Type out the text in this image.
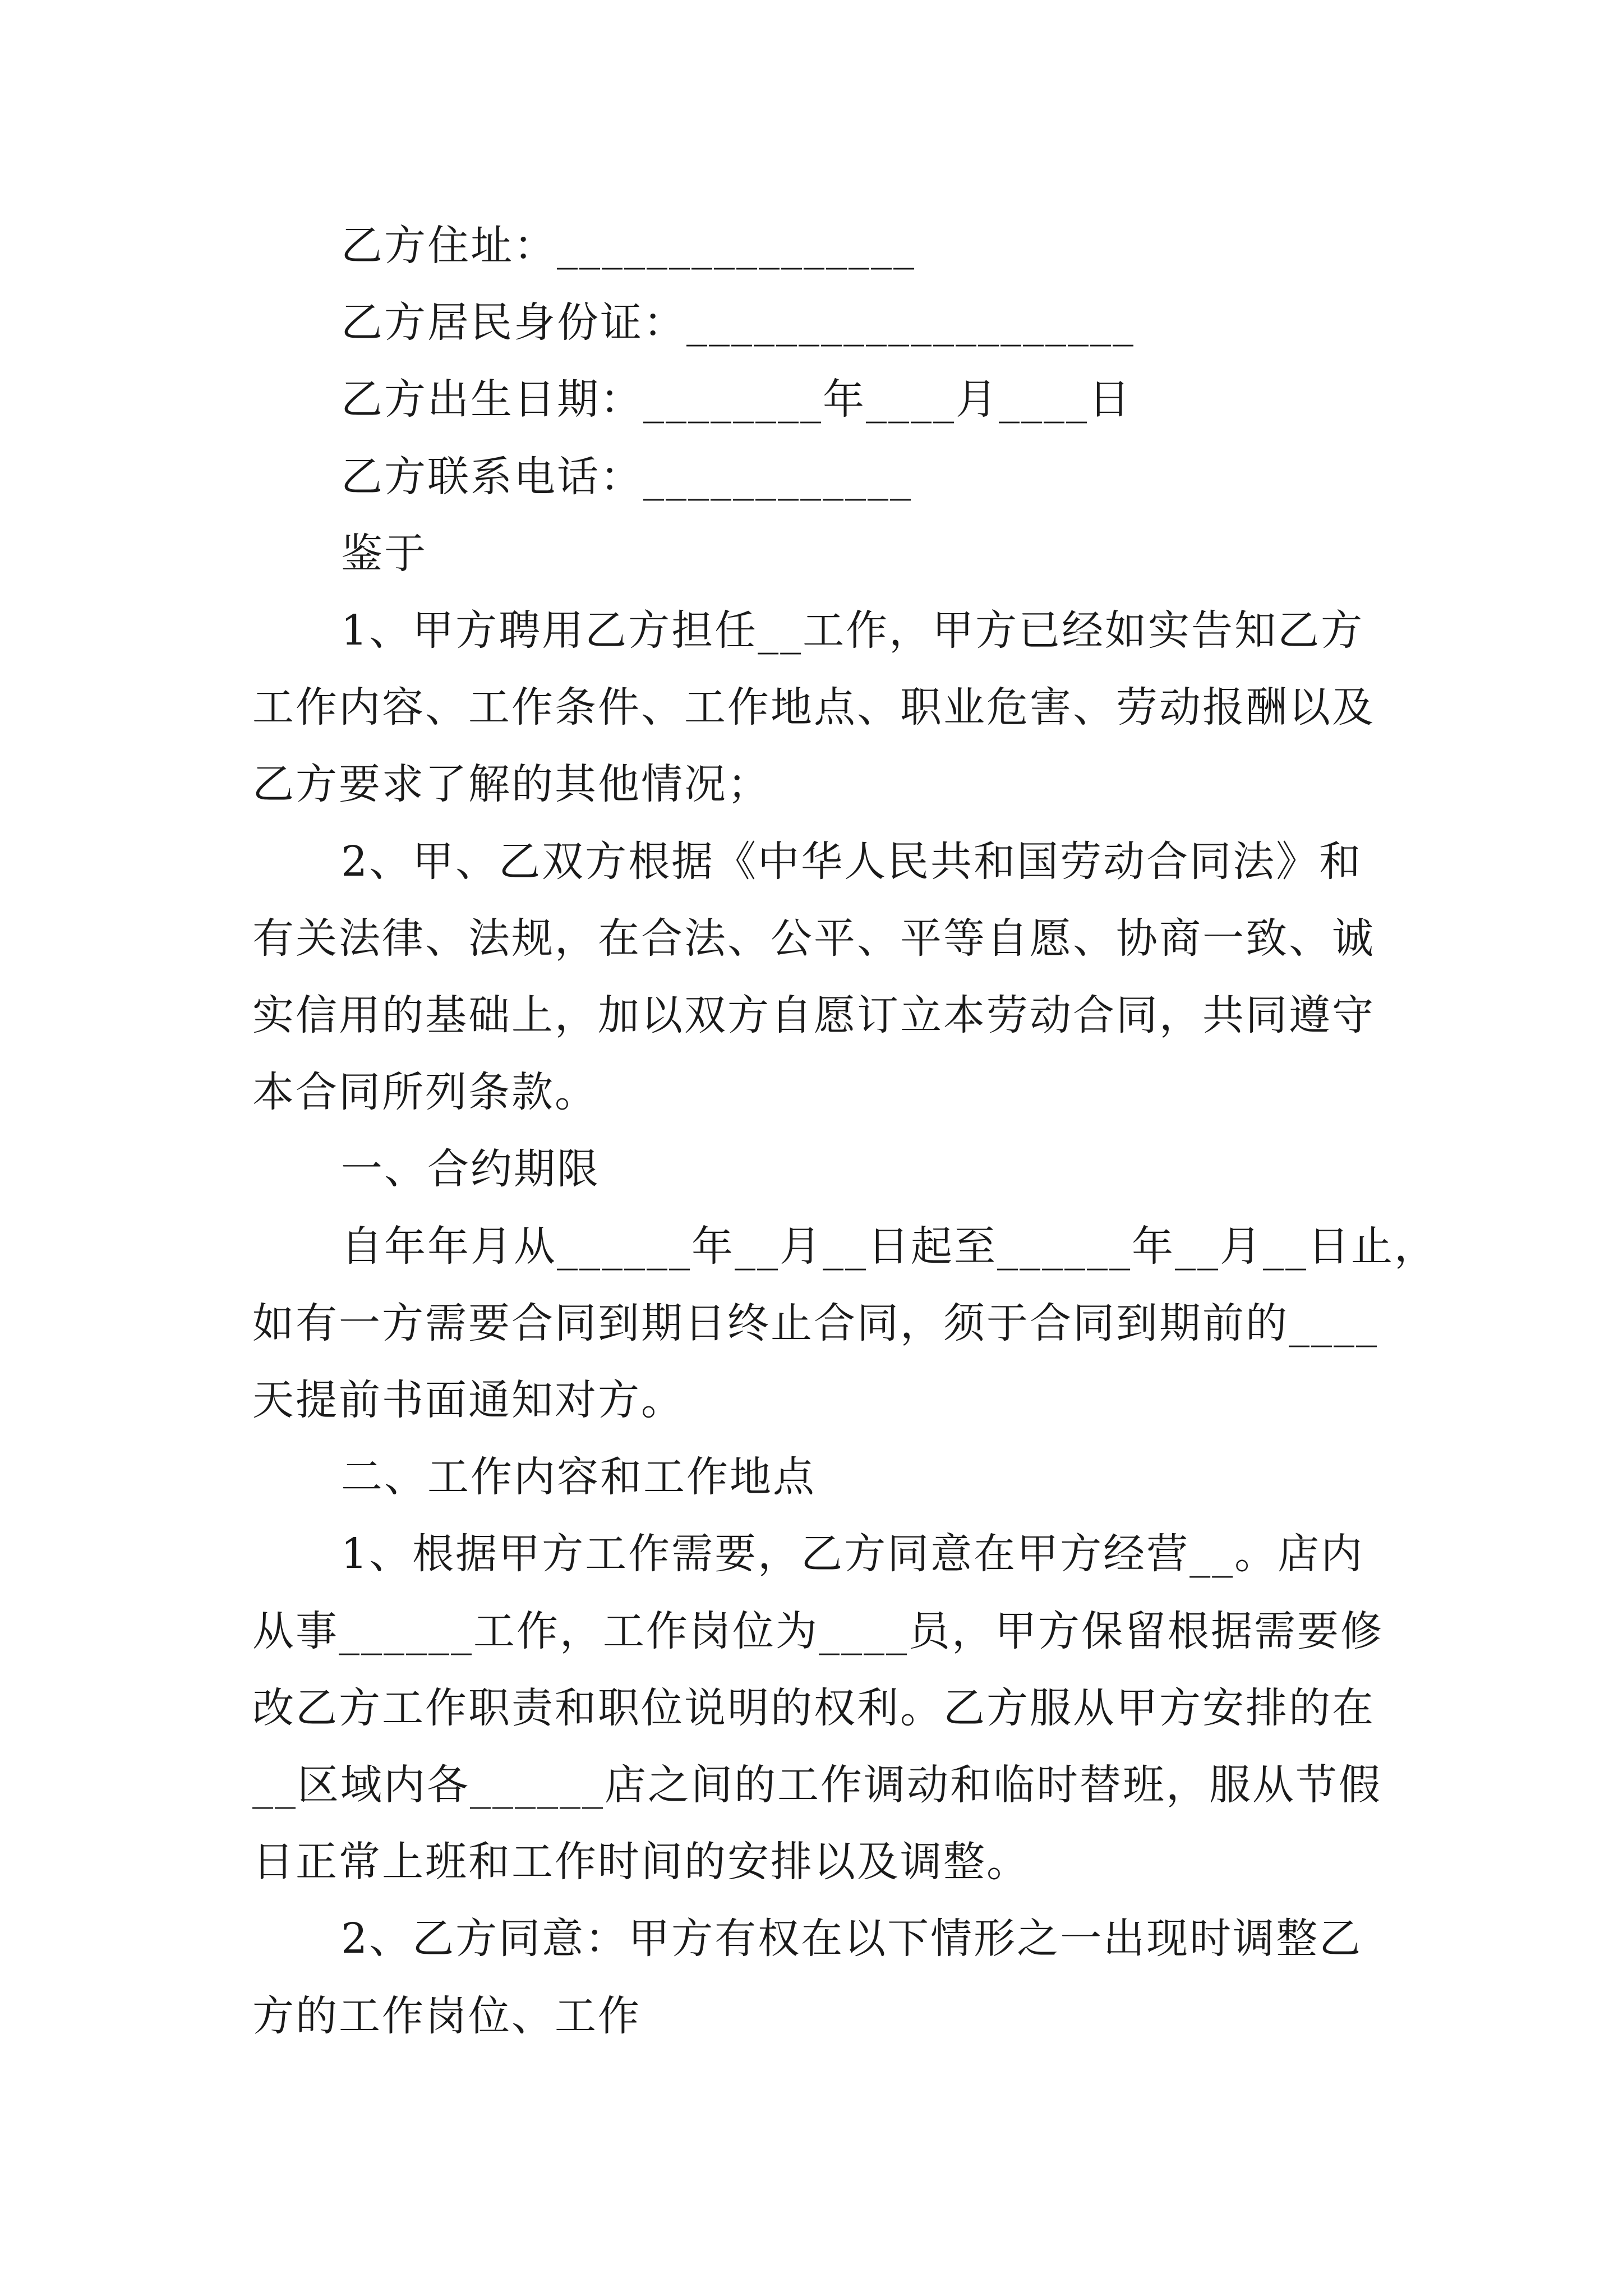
乙方住址：________________
乙方居民身份证：____________________
乙方出生日期：________年____月____日
乙方联系电话：____________
鉴于
1、甲方聘用乙方担任__工作，甲方已经如实告知乙方
工作内容、工作条件、工作地点、职业危害、劳动报酬以及
乙方要求了解的其他情况；
2、甲、乙双方根据《中华人民共和国劳动合同法》和
有关法律、法规，在合法、公平、平等自愿、协商一致、诚
实信用的基础上，加以双方自愿订立本劳动合同，共同遵守
本合同所列条款。
一、合约期限
自年年月从______年__月__日起至______年__月__日止，
如有一方需要合同到期日终止合同，须于合同到期前的____
天提前书面通知对方。
二、工作内容和工作地点
1、根据甲方工作需要，乙方同意在甲方经营__。店内
从事______工作，工作岗位为____员，甲方保留根据需要修
改乙方工作职责和职位说明的权利。乙方服从甲方安排的在
__区域内各______店之间的工作调动和临时替班，服从节假
日正常上班和工作时间的安排以及调整。
2、乙方同意：甲方有权在以下情形之一出现时调整乙
方的工作岗位、工作
